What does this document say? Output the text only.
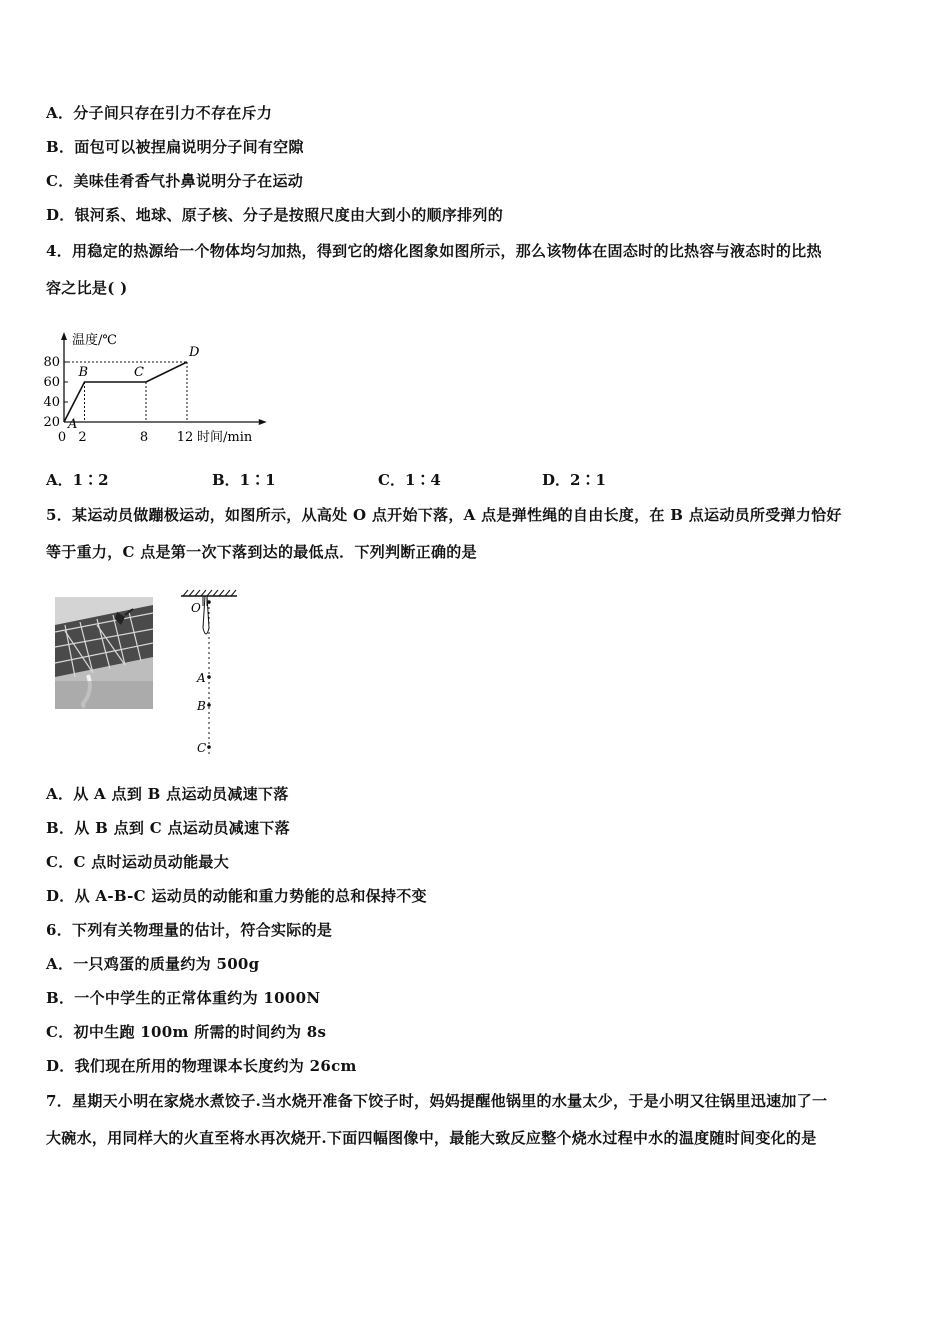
A．分子间只存在引力不存在斥力
B．面包可以被捏扁说明分子间有空隙
C．美味佳肴香气扑鼻说明分子在运动
D．银河系、地球、原子核、分子是按照尺度由大到小的顺序排列的
4．用稳定的热源给一个物体均匀加热，得到它的熔化图象如图所示，那么该物体在固态时的比热容与液态时的比热
容之比是( )
温度/℃
时间/min
20
40
60
80
0 2	8 12
A
B	C
D
A．1∶2	B．1∶1	C．1∶4	D．2∶1
5．某运动员做蹦极运动，如图所示，从高处 O 点开始下落，A 点是弹性绳的自由长度，在 B 点运动员所受弹力恰好
等于重力，C 点是第一次下落到达的最低点．下列判断正确的是
O
A
B
C
A．从 A 点到 B 点运动员减速下落
B．从 B 点到 C 点运动员减速下落
C．C 点时运动员动能最大
D．从 A-B-C 运动员的动能和重力势能的总和保持不变
6．下列有关物理量的估计，符合实际的是
A．一只鸡蛋的质量约为 500g
B．一个中学生的正常体重约为 1000N
C．初中生跑 100m 所需的时间约为 8s
D．我们现在所用的物理课本长度约为 26cm
7．星期天小明在家烧水煮饺子.当水烧开准备下饺子时，妈妈提醒他锅里的水量太少，于是小明又往锅里迅速加了一
大碗水，用同样大的火直至将水再次烧开.下面四幅图像中，最能大致反应整个烧水过程中水的温度随时间变化的是
